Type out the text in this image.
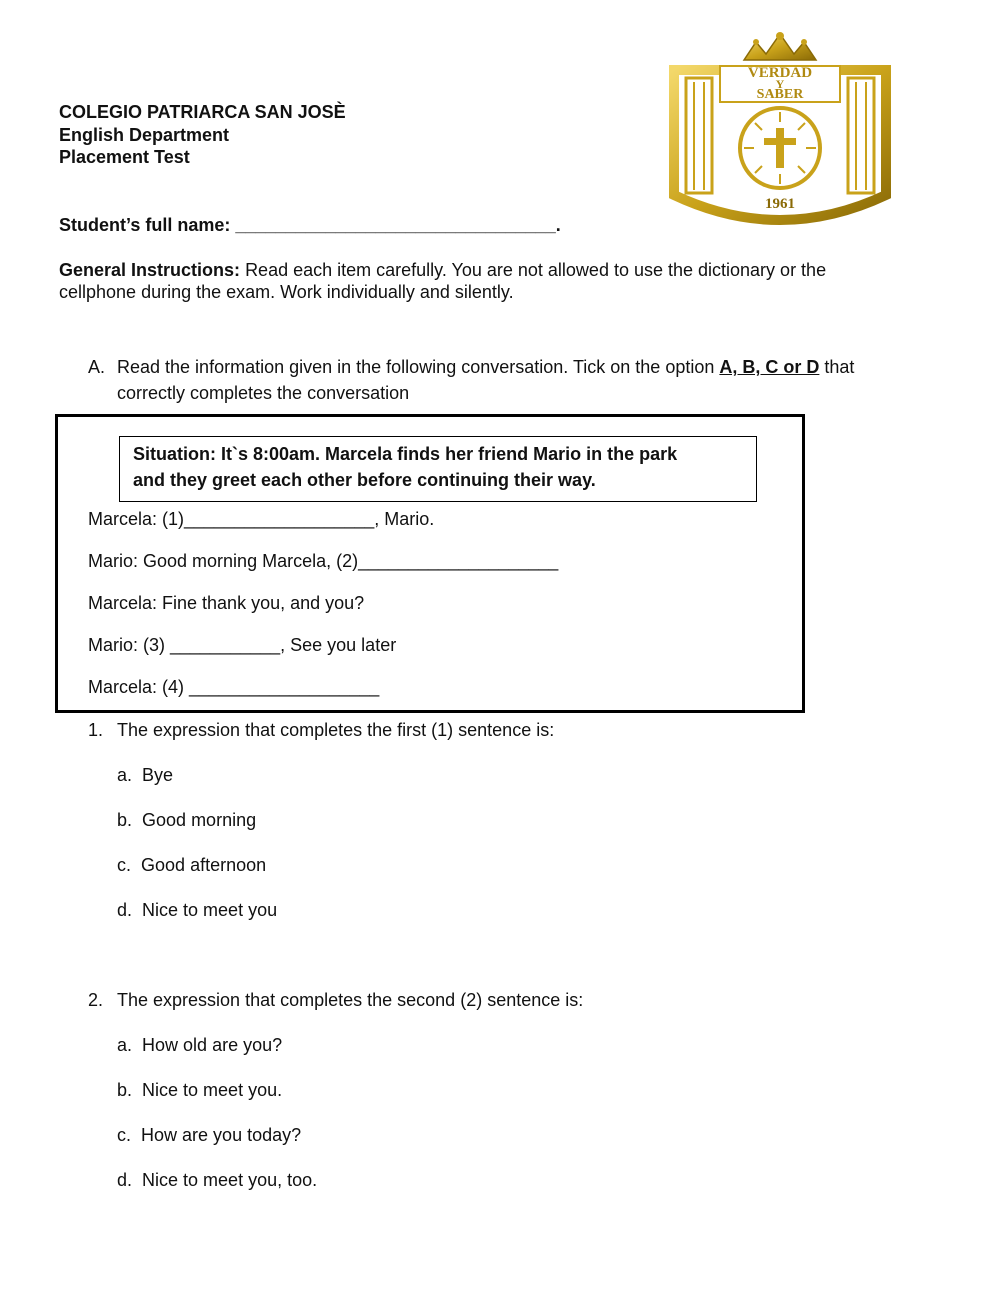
COLEGIO PATRIARCA SAN JOSÈ
English Department
Placement Test
VERDAD
Y
SABER
1961
Student’s full name: ________________________________.
General Instructions: Read each item carefully. You are not allowed to use the dictionary or the
cellphone during the exam. Work individually and silently.
A. Read the information given in the following conversation. Tick on the option A, B, C or D that
correctly completes the conversation
Situation: It`s 8:00am. Marcela finds her friend Mario in the park
and they greet each other before continuing their way.
Marcela: (1)___________________, Mario.
Mario: Good morning Marcela, (2)____________________
Marcela: Fine thank you, and you?
Mario: (3) ___________, See you later
Marcela: (4) ___________________
1. The expression that completes the first (1) sentence is:
a. Bye
b. Good morning
c. Good afternoon
d. Nice to meet you
2. The expression that completes the second (2) sentence is:
a. How old are you?
b. Nice to meet you.
c. How are you today?
d. Nice to meet you, too.
